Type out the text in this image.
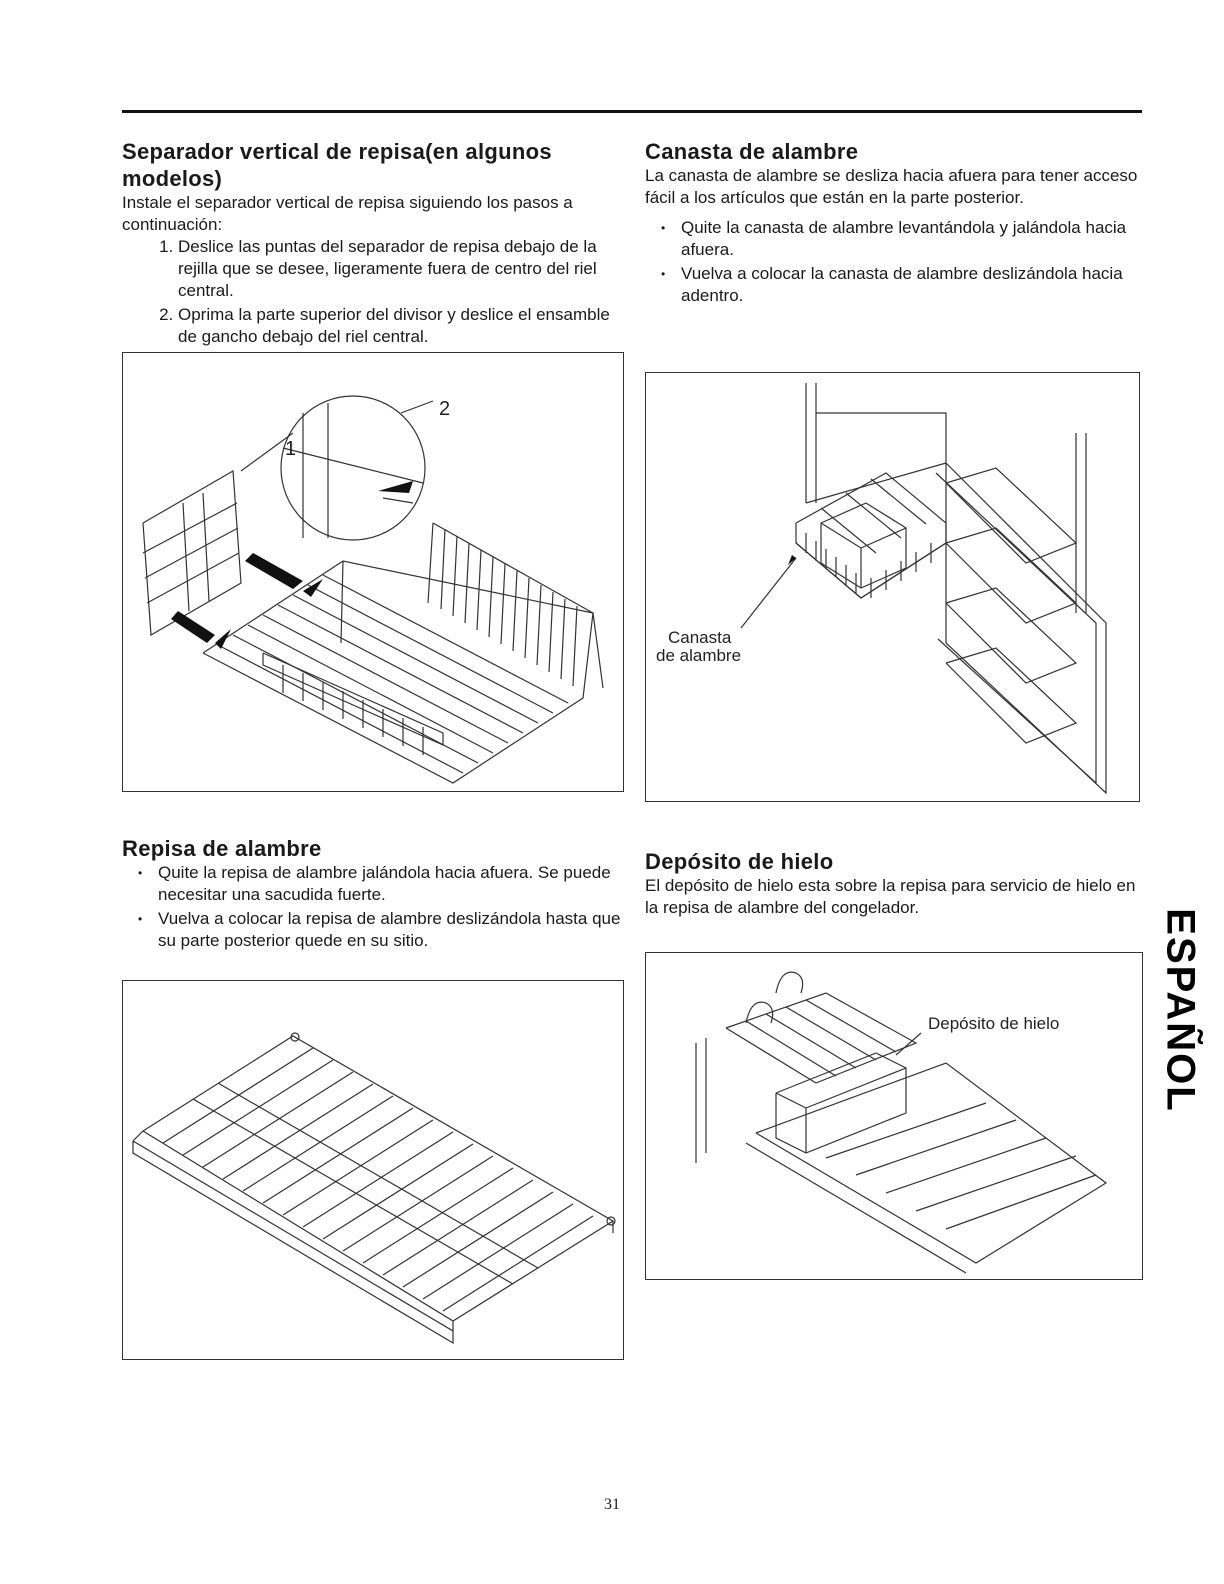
Separador vertical de repisa(en algunos modelos)

Instale el separador vertical de repisa siguiendo los pasos a continuación:

1. Deslice las puntas del separador de repisa debajo de la rejilla que se desee, ligeramente fuera de centro del riel central.
2. Oprima la parte superior del divisor y deslice el ensamble de gancho debajo del riel central.
Canasta de alambre

La canasta de alambre se desliza hacia afuera para tener acceso fácil a los artículos que están en la parte posterior.

• Quite la canasta de alambre levantándola y jalándola hacia afuera.
• Vuelva a colocar la canasta de alambre deslizándola hacia adentro.
1
2
Canasta de alambre
Repisa de alambre
• Quite la repisa de alambre jalándola hacia afuera. Se puede necesitar una sacudida fuerte.
• Vuelva a colocar la repisa de alambre deslizándola hasta que su parte posterior quede en su sitio.
Depósito de hielo

El depósito de hielo esta sobre la repisa para servicio de hielo en la repisa de alambre del congelador.

Depósito de hielo ESPAÑOL
31
